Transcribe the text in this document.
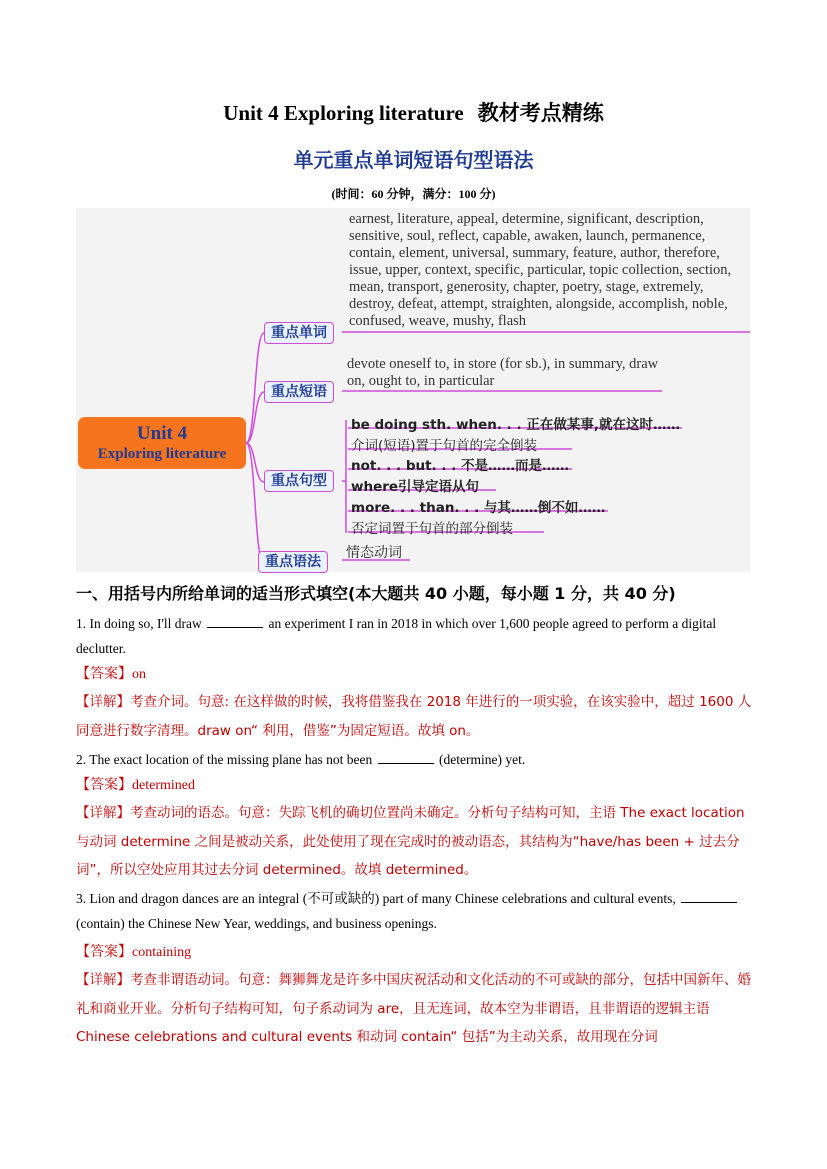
Unit 4 Exploring literature 教材考点精练
单元重点单词短语句型语法
(时间：60 分钟，满分：100 分)
Unit 4
Exploring literature
重点单词
重点短语
重点句型
重点语法
earnest, literature, appeal, determine, significant, description, sensitive, soul, reflect, capable, awaken, launch, permanence, contain, element, universal, summary, feature, author, therefore, issue, upper, context, specific, particular, topic collection, section, mean, transport, generosity, chapter, poetry, stage, extremely, destroy, defeat, attempt, straighten, alongside, accomplish, noble, confused, weave, mushy, flash
devote oneself to, in store (for sb.), in summary, draw on, ought to, in particular
be doing sth. when. . . 正在做某事,就在这时……
介词(短语)置于句首的完全倒装
not. . . but. . . 不是……而是……
where引导定语从句
more. . . than. . . 与其……倒不如……
否定词置于句首的部分倒装
情态动词
一、用括号内所给单词的适当形式填空(本大题共 40 小题，每小题 1 分，共 40 分)
1. In doing so, I'll draw	an experiment I ran in 2018 in which over 1,600 people agreed to perform a digital declutter.
【答案】on
【详解】考查介词。句意: 在这样做的时候，我将借鉴我在 2018 年进行的一项实验，在该实验中，超过 1600 人同意进行数字清理。draw on“ 利用，借鉴”为固定短语。故填 on。
2. The exact location of the missing plane has not been	(determine) yet.
【答案】determined
【详解】考查动词的语态。句意：失踪飞机的确切位置尚未确定。分析句子结构可知，主语 The exact location 与动词 determine 之间是被动关系，此处使用了现在完成时的被动语态，其结构为“have/has been + 过去分词”，所以空处应用其过去分词 determined。故填 determined。
3. Lion and dragon dances are an integral (不可或缺的) part of many Chinese celebrations and cultural events,  (contain) the Chinese New Year, weddings, and business openings.
【答案】containing
【详解】考查非谓语动词。句意：舞狮舞龙是许多中国庆祝活动和文化活动的不可或缺的部分，包括中国新年、婚礼和商业开业。分析句子结构可知，句子系动词为 are，且无连词，故本空为非谓语，且非谓语的逻辑主语 Chinese celebrations and cultural events 和动词 contain“ 包括”为主动关系，故用现在分词
